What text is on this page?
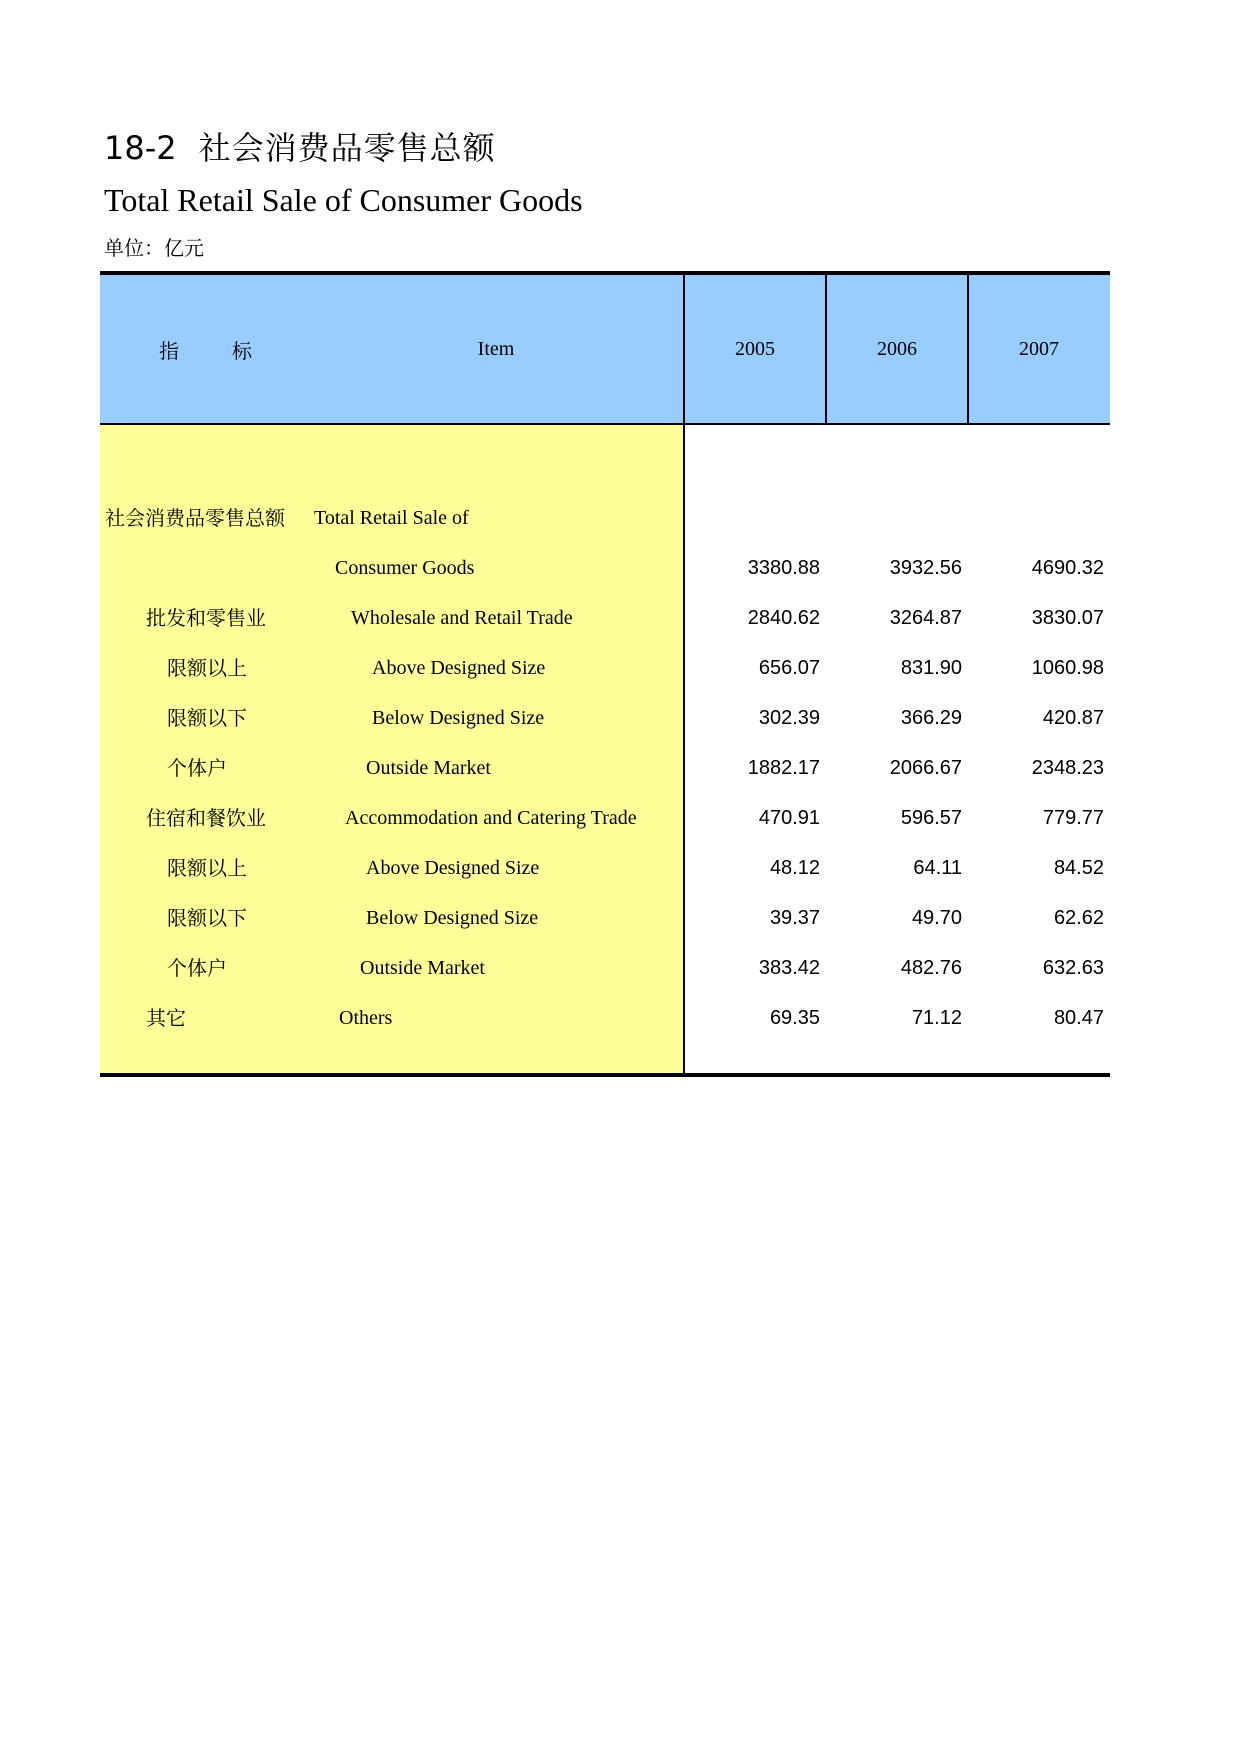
18-2 社会消费品零售总额
Total Retail Sale of Consumer Goods
单位：亿元
指	标	Item	2005	2006	2007
社会消费品零售总额 Total Retail Sale of
Consumer Goods	3380.88	3932.56	4690.32
批发和零售业	Wholesale and Retail Trade	2840.62	3264.87	3830.07
限额以上	Above Designed Size	656.07	831.90	1060.98
限额以下	Below Designed Size	302.39	366.29	420.87
个体户	Outside Market	1882.17	2066.67	2348.23
住宿和餐饮业	Accommodation and Catering Trade	470.91	596.57	779.77
限额以上	Above Designed Size	48.12	64.11	84.52
限额以下	Below Designed Size	39.37	49.70	62.62
个体户	Outside Market	383.42	482.76	632.63
其它	Others	69.35	71.12	80.47
